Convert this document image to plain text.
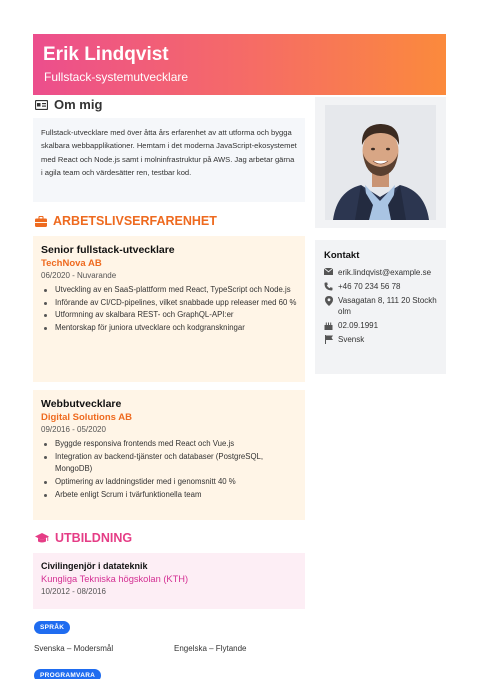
Erik Lindqvist
Fullstack-systemutvecklare
Om mig
Fullstack-utvecklare med över åtta års erfarenhet av att utforma och bygga skalbara webbapplikationer. Hemtam i det moderna JavaScript-ekosystemet med React och Node.js samt i molninfrastruktur på AWS. Jag arbetar gärna i agila team och värdesätter ren, testbar kod.
ARBETSLIVSERFARENHET
Senior fullstack-utvecklare
TechNova AB
06/2020 - Nuvarande
Utveckling av en SaaS-plattform med React, TypeScript och Node.js
Införande av CI/CD-pipelines, vilket snabbade upp releaser med 60 %
Utformning av skalbara REST- och GraphQL-API:er
Mentorskap för juniora utvecklare och kodgranskningar
Webbutvecklare
Digital Solutions AB
09/2016 - 05/2020
Byggde responsiva frontends med React och Vue.js
Integration av backend-tjänster och databaser (PostgreSQL, MongoDB)
Optimering av laddningstider med i genomsnitt 40 %
Arbete enligt Scrum i tvärfunktionella team
UTBILDNING
Civilingenjör i datateknik
Kungliga Tekniska högskolan (KTH)
10/2012 - 08/2016
SPRÅK
Svenska – Modersmål	Engelska – Flytande
PROGRAMVARA
Kontakt
erik.lindqvist@example.se
+46 70 234 56 78
Vasagatan 8, 111 20 Stockholm
02.09.1991
Svensk
